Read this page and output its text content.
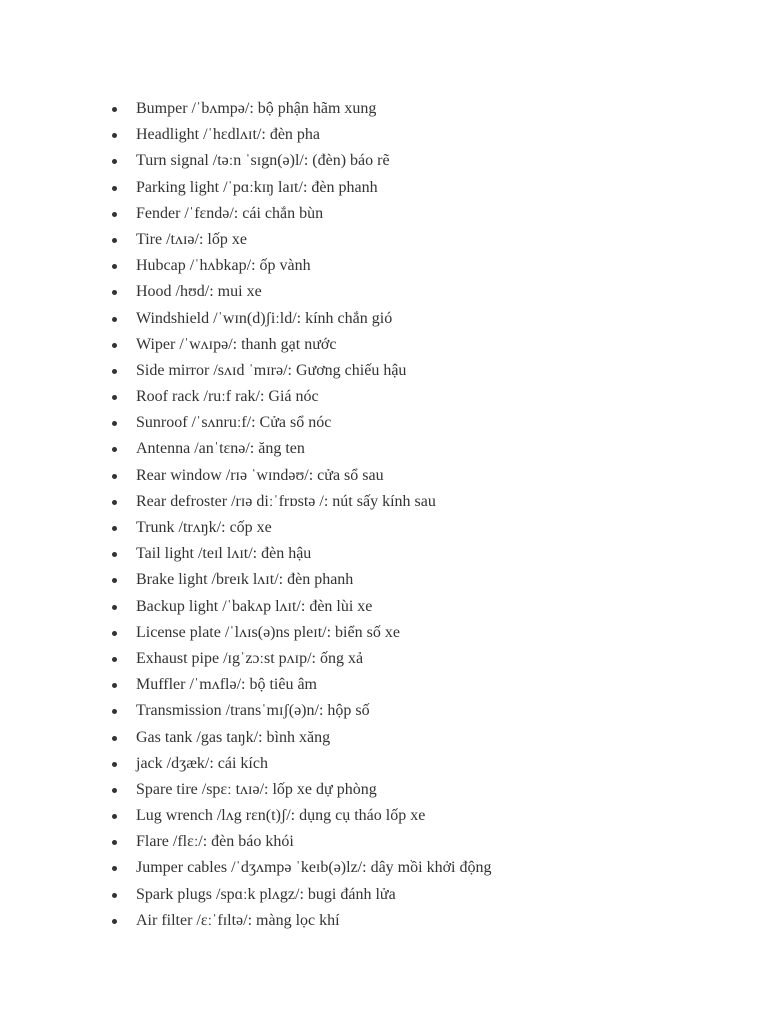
Bumper /ˈbʌmpə/: bộ phận hãm xung
Headlight /ˈhɛdlʌɪt/: đèn pha
Turn signal /təːn ˈsɪgn(ə)l/: (đèn) báo rẽ
Parking light /ˈpɑːkɪŋ laɪt/: đèn phanh
Fender /ˈfɛndə/: cái chắn bùn
Tire /tʌɪə/: lốp xe
Hubcap /ˈhʌbkap/: ốp vành
Hood /hʊd/: mui xe
Windshield /ˈwɪn(d)ʃiːld/: kính chắn gió
Wiper /ˈwʌɪpə/: thanh gạt nước
Side mirror /sʌɪd ˈmɪrə/: Gương chiếu hậu
Roof rack /ruːf rak/: Giá nóc
Sunroof /ˈsʌnruːf/: Cửa sổ nóc
Antenna /anˈtɛnə/: ăng ten
Rear window /rɪə ˈwɪndəʊ/: cửa sổ sau
Rear defroster /rɪə diːˈfrɒstə /: nút sấy kính sau
Trunk /trʌŋk/: cốp xe
Tail light /teɪl lʌɪt/: đèn hậu
Brake light /breɪk lʌɪt/: đèn phanh
Backup light /ˈbakʌp lʌɪt/: đèn lùi xe
License plate /ˈlʌɪs(ə)ns pleɪt/: biển số xe
Exhaust pipe /ɪgˈzɔːst pʌɪp/: ống xả
Muffler /ˈmʌflə/: bộ tiêu âm
Transmission /transˈmɪʃ(ə)n/: hộp số
Gas tank /gas taŋk/: bình xăng
jack /dʒæk/: cái kích
Spare tire /spɛː tʌɪə/: lốp xe dự phòng
Lug wrench /lʌg rɛn(t)ʃ/: dụng cụ tháo lốp xe
Flare /flɛː/: đèn báo khói
Jumper cables /ˈdʒʌmpə ˈkeɪb(ə)lz/: dây mồi khởi động
Spark plugs /spɑːk plʌgz/: bugi đánh lửa
Air filter /ɛːˈfɪltə/: màng lọc khí
